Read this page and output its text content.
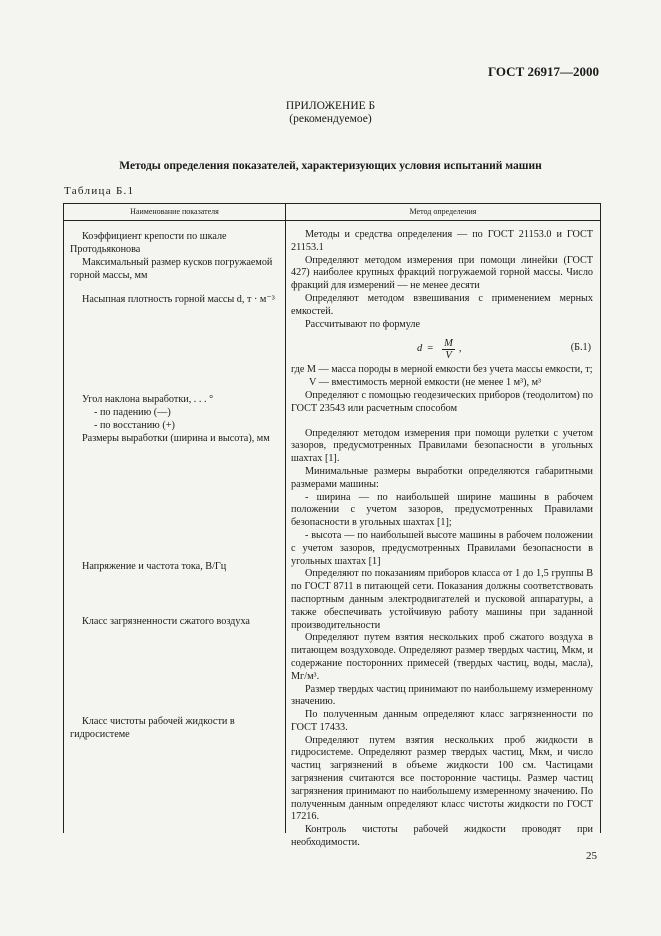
ГОСТ 26917—2000
ПРИЛОЖЕНИЕ Б
(рекомендуемое)
Методы определения показателей, характеризующих условия испытаний машин
Таблица Б.1
Наименование показателя	Метод определения

Коэффициент крепости по шкале Протодьяконова

Максимальный размер кусков погружаемой горной массы, мм

Насыпная плотность горной массы d, т · м⁻³

Угол наклона выработки, . . . °

- по падению (—)

- по восстанию (+)

Размеры выработки (ширина и высота), мм

Напряжение и частота тока, В/Гц

Класс загрязненности сжатого воздуха

Класс чистоты рабочей жидкости в гидросистеме

Методы и средства определения — по ГОСТ 21153.0 и ГОСТ 21153.1

Определяют методом измерения при помощи линейки (ГОСТ 427) наиболее крупных фракций погружаемой горной массы. Число фракций для измерений — не менее десяти

Определяют методом взвешивания с применением мерных емкостей.

Рассчитывают по формуле

$d = \frac{M}{V}$ ,	(Б.1)

где M — масса породы в мерной емкости без учета массы емкости, т;

V — вместимость мерной емкости (не менее 1 м³), м³

Определяют с помощью геодезических приборов (теодолитом) по ГОСТ 23543 или расчетным способом

Определяют методом измерения при помощи рулетки с учетом зазоров, предусмотренных Правилами безопасности в угольных шахтах [1].

Минимальные размеры выработки определяются габаритными размерами машины:

- ширина — по наибольшей ширине машины в рабочем положении с учетом зазоров, предусмотренных Правилами безопасности в угольных шахтах [1];

- высота — по наибольшей высоте машины в рабочем положении с учетом зазоров, предусмотренных Правилами безопасности в угольных шахтах [1]

Определяют по показаниям приборов класса от 1 до 1,5 группы В по ГОСТ 8711 в питающей сети. Показания должны соответствовать паспортным данным электродвигателей и пусковой аппаратуры, а также обеспечивать устойчивую работу машины при заданной производительности

Определяют путем взятия нескольких проб сжатого воздуха в питающем воздуховоде. Определяют размер твердых частиц, Мкм, и содержание посторонних примесей (твердых частиц, воды, масла), Мг/м³.

Размер твердых частиц принимают по наибольшему измеренному значению.

По полученным данным определяют класс загрязненности по ГОСТ 17433.

Определяют путем взятия нескольких проб жидкости в гидросистеме. Определяют размер твердых частиц, Мкм, и число частиц загрязнений в объеме жидкости 100 см. Частицами загрязнения считаются все посторонние частицы. Размер частиц загрязнения принимают по наибольшему измеренному значению. По полученным данным определяют класс чистоты жидкости по ГОСТ 17216.

Контроль чистоты рабочей жидкости проводят при необходимости.

25
